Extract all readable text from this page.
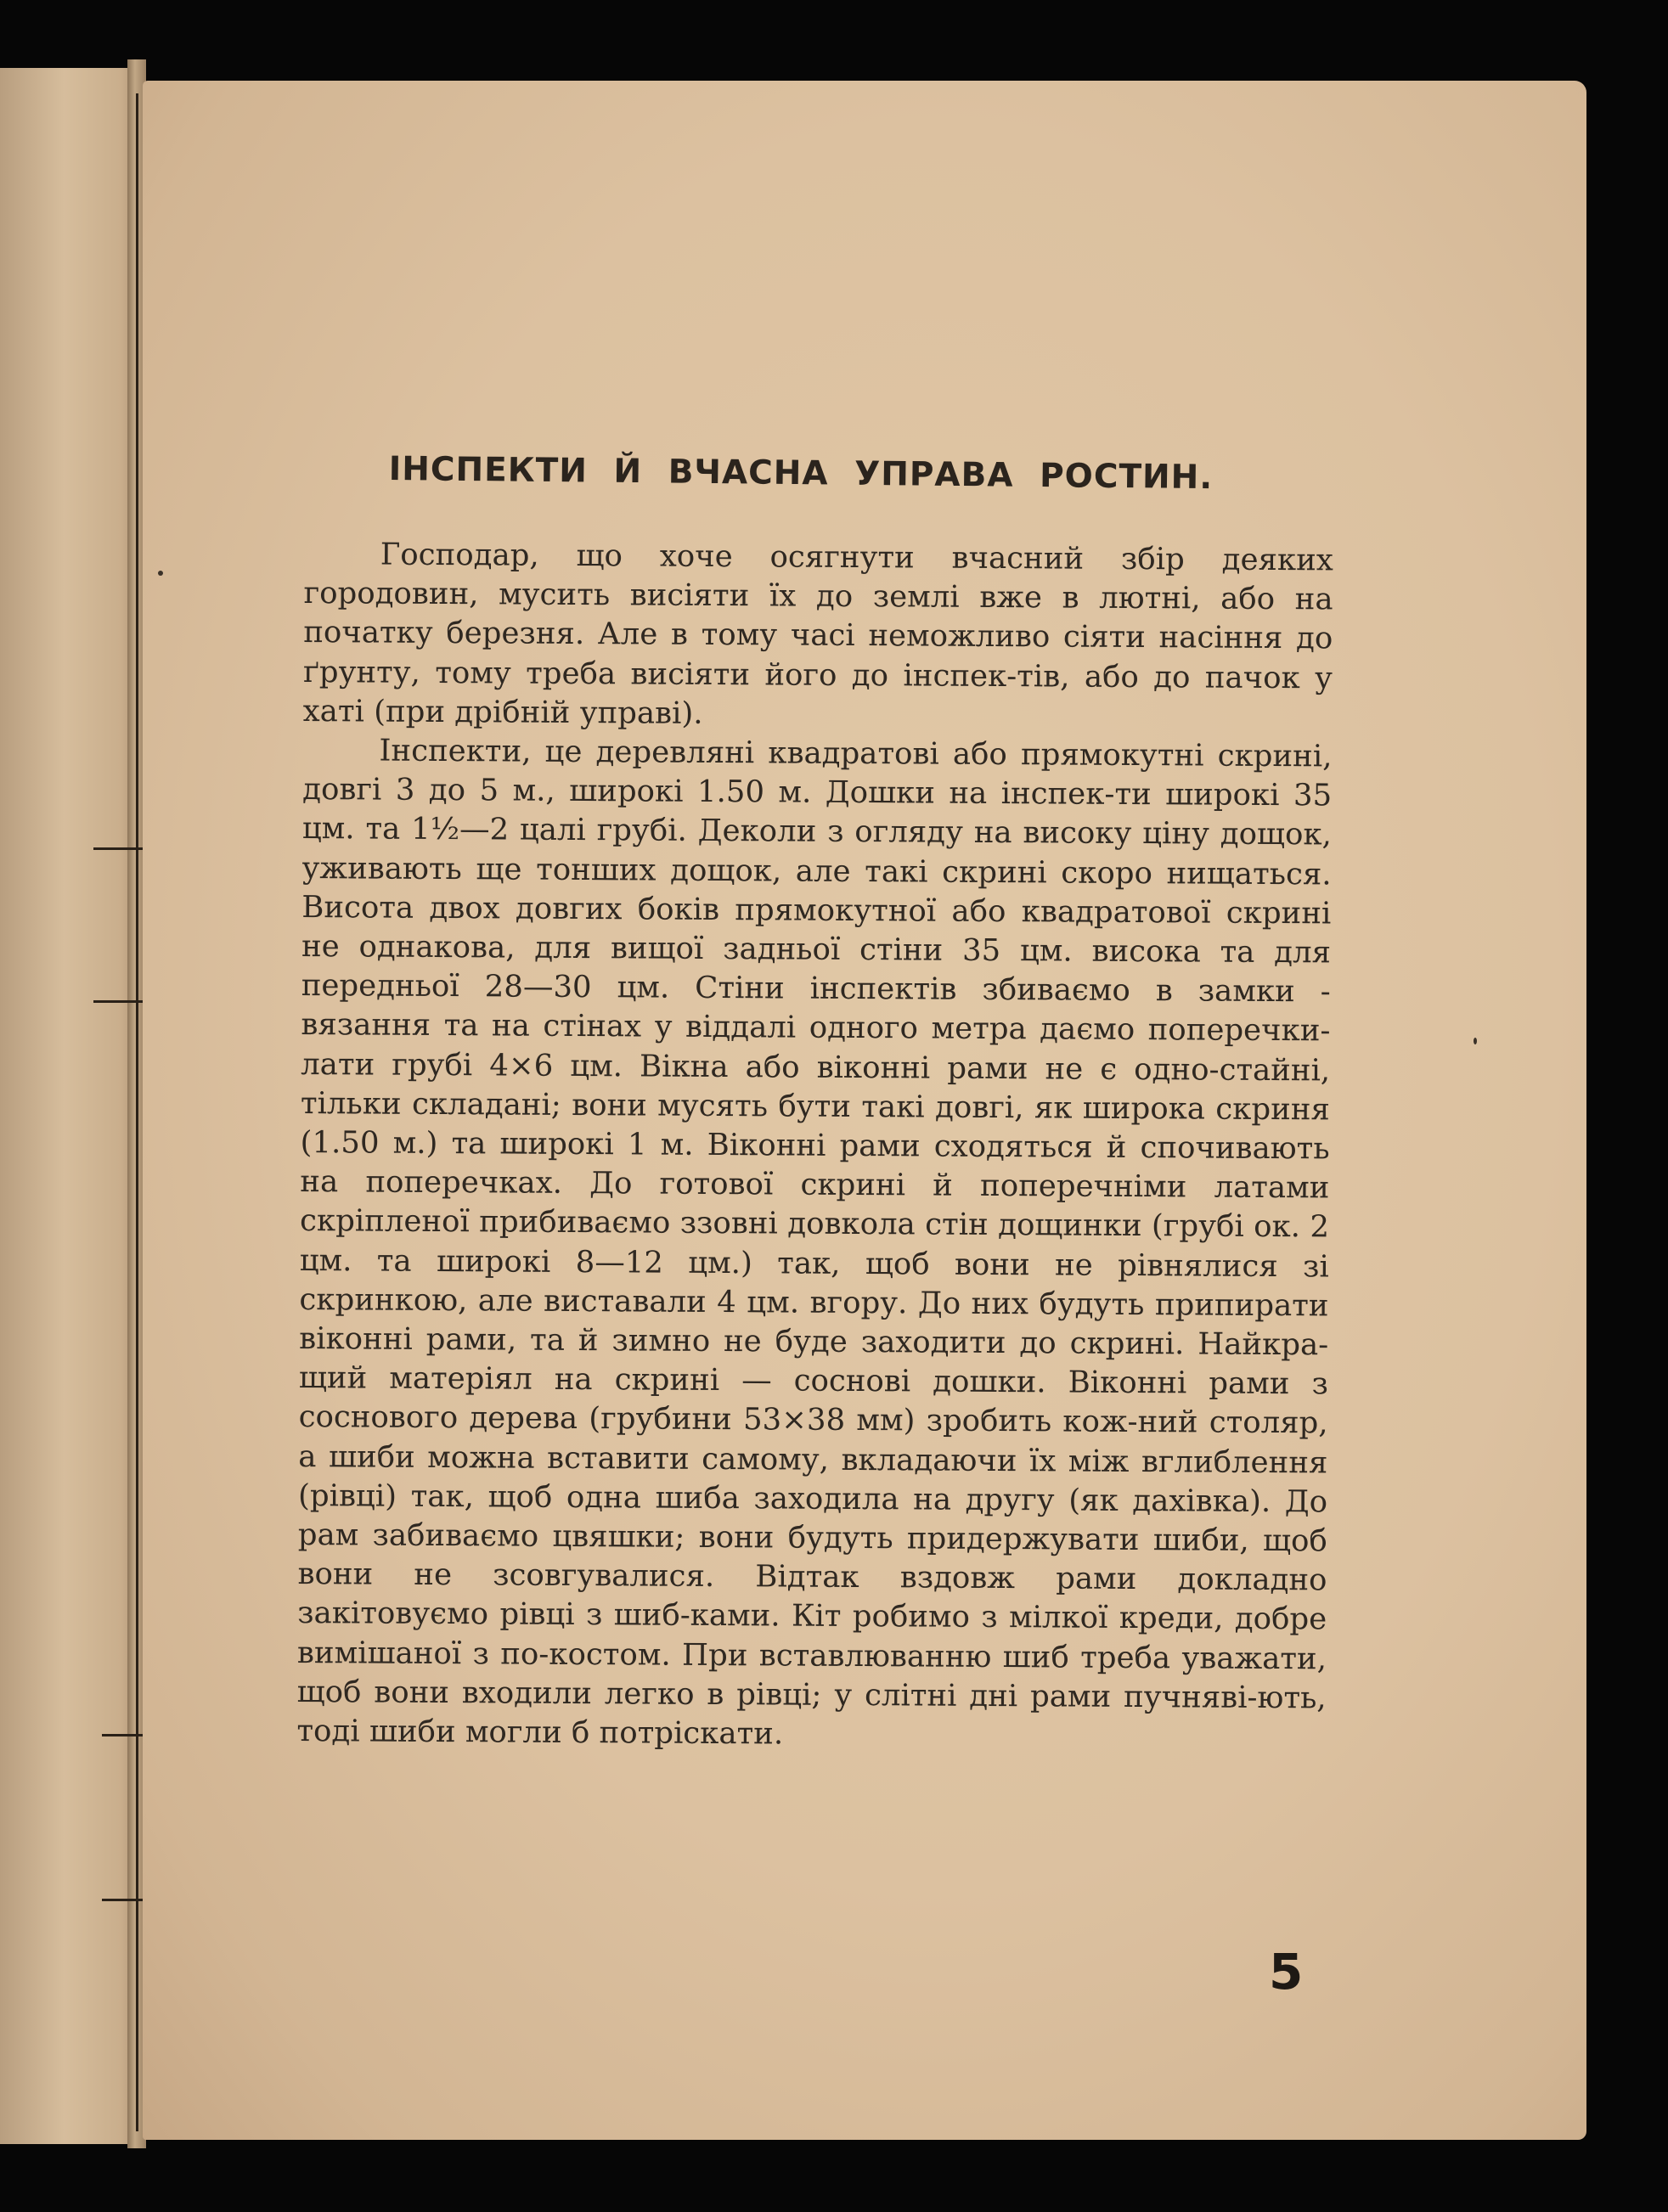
ІНСПЕКТИ Й ВЧАСНА УПРАВА РОСТИН.

Господар, що хоче осягнути вчасний збір деяких городовин, мусить висіяти їх до землі вже в лютні, або на початку березня. Але в тому часі неможливо сіяти насіння до ґрунту, тому треба висіяти його до інспек-тів, або до пачок у хаті (при дрібній управі).

Інспекти, це деревляні квадратові або прямокутні скрині, довгі 3 до 5 м., широкі 1.50 м. Дошки на інспек-ти широкі 35 цм. та 1½—2 цалі грубі. Деколи з огляду на високу ціну дощок, уживають ще тонших дощок, але такі скрині скоро нищаться. Висота двох довгих боків прямокутної або квадратової скрині не однакова, для вищої задньої стіни 35 цм. висока та для передньої 28—30 цм. Стіни інспектів збиваємо в замки - вязання та на стінах у віддалі одного метра даємо поперечки-лати грубі 4×6 цм. Вікна або віконні рами не є одно-стайні, тільки складані; вони мусять бути такі довгі, як широка скриня (1.50 м.) та широкі 1 м. Віконні рами сходяться й спочивають на поперечках. До готової скрині й поперечніми латами скріпленої прибиваємо ззовні довкола стін дощинки (грубі ок. 2 цм. та широкі 8—12 цм.) так, щоб вони не рівнялися зі скринкою, але виставали 4 цм. вгору. До них будуть припирати віконні рами, та й зимно не буде заходити до скрині. Найкра-щий матеріял на скрині — соснові дошки. Віконні рами з соснового дерева (грубини 53×38 мм) зробить кож-ний столяр, а шиби можна вставити самому, вкладаючи їх між вглиблення (рівці) так, щоб одна шиба заходила на другу (як дахівка). До рам забиваємо цвяшки; вони будуть придержувати шиби, щоб вони не зсовгувалися. Відтак вздовж рами докладно закітовуємо рівці з шиб-ками. Кіт робимо з мілкої креди, добре вимішаної з по-костом. При вставлюванню шиб треба уважати, щоб вони входили легко в рівці; у слітні дні рами пучняві-ють, тоді шиби могли б потріскати.

5
